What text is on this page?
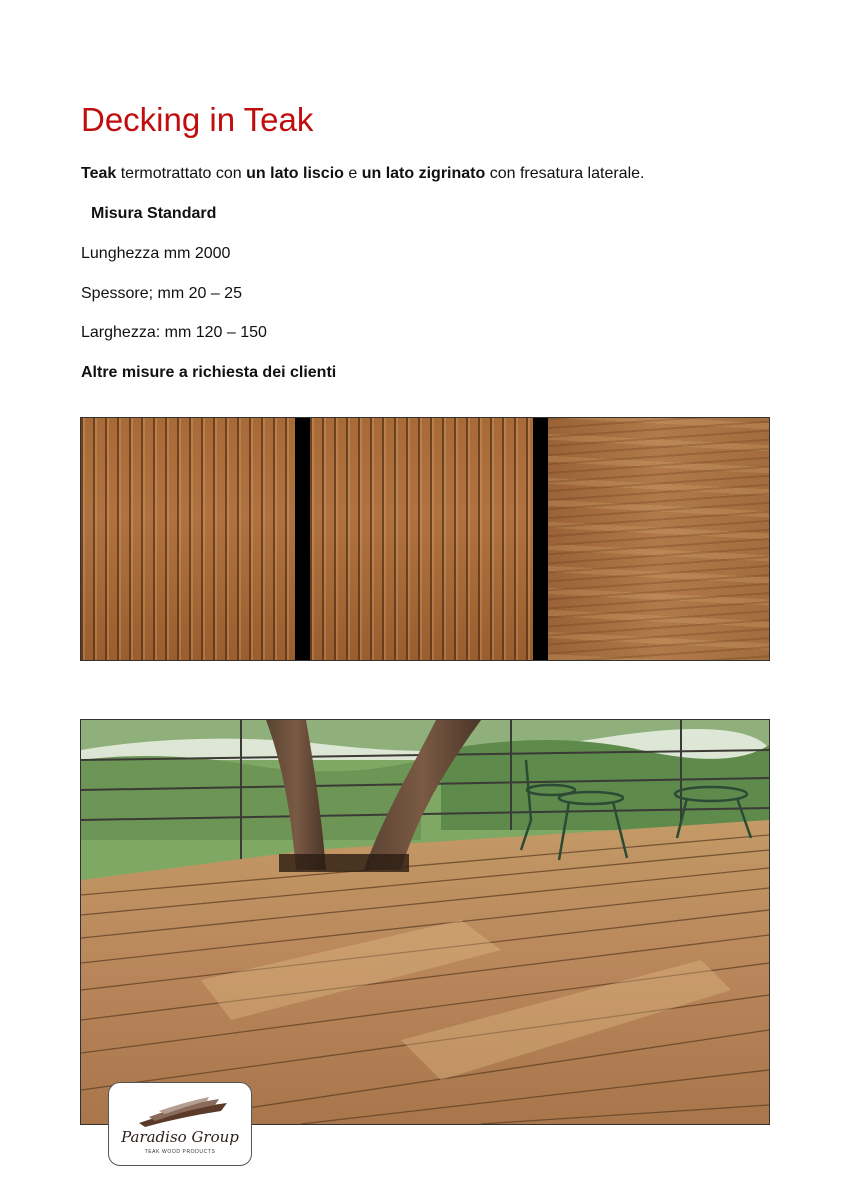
Decking in Teak

Teak termotrattato con un lato liscio e un lato zigrinato con fresatura laterale.

Misura Standard

Lunghezza mm 2000

Spessore; mm 20 – 25

Larghezza: mm 120 – 150

Altre misure a richiesta dei clienti

Paradiso Group
TEAK WOOD PRODUCTS
